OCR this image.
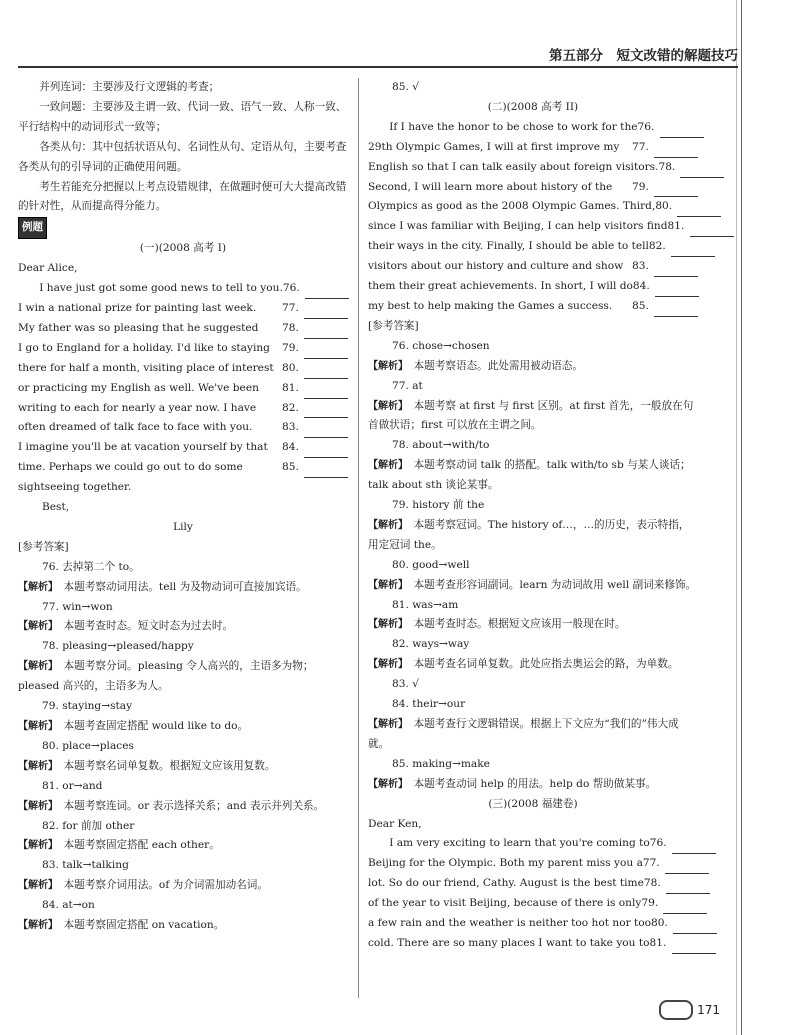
第五部分　短文改错的解题技巧

并列连词：主要涉及行文逻辑的考查；

一致问题：主要涉及主谓一致、代词一致、语气一致、人称一致、平行结构中的动词形式一致等；

各类从句：其中包括状语从句、名词性从句、定语从句，主要考查各类从句的引导词的正确使用问题。

考生若能充分把握以上考点设错规律，在做题时便可大大提高改错的针对性，从而提高得分能力。

例题

(一)(2008 高考 I)

Dear Alice,

I have just got some good news to tell to you. 76.
I win a national prize for painting last week. 77.
My father was so pleasing that he suggested 78.
I go to England for a holiday. I'd like to staying 79.
there for half a month, visiting place of interest 80.
or practicing my English as well. We've been 81.
writing to each for nearly a year now. I have 82.
often dreamed of talk face to face with you.	83.
I imagine you'll be at vacation yourself by that 84.
time. Perhaps we could go out to do some	85.

sightseeing together.

Best,

Lily

[参考答案]

76. 去掉第二个 to。

【解析】　 本题考察动词用法。tell 为及物动词可直接加宾语。

77. win→won

【解析】　 本题考查时态。短文时态为过去时。

78. pleasing→pleased/happy

【解析】　 本题考察分词。pleasing 令人高兴的，主语多为物；pleased 高兴的，主语多为人。

79. staying→stay

【解析】　 本题考查固定搭配 would like to do。

80. place→places

【解析】　 本题考察名词单复数。根据短文应该用复数。

81. or→and

【解析】　 本题考察连词。or 表示选择关系；and 表示并列关系。

82. for 前加 other

【解析】　 本题考察固定搭配 each other。

83. talk→talking

【解析】　 本题考察介词用法。of 为介词需加动名词。

84. at→on

【解析】　 本题考察固定搭配 on vacation。

85. √

(二)(2008 高考 II)

If I have the honor to be chose to work for the 76.
29th Olympic Games, I will at first improve my 77.
English so that I can talk easily about foreign visitors. 78.
Second, I will learn more about history of the 79.
Olympics as good as the 2008 Olympic Games. Third, 80.
since I was familiar with Beijing, I can help visitors find 81.
their ways in the city. Finally, I should be able to tell 82.
visitors about our history and culture and show 83.
them their great achievements. In short, I will do 84.
my best to help making the Games a success. 85.

[参考答案]

76. chose→chosen

【解析】　 本题考察语态。此处需用被动语态。

77. at

【解析】　 本题考察 at first 与 first 区别。at first 首先，一般放在句首做状语；first 可以放在主谓之间。

78. about→with/to

【解析】　 本题考察动词 talk 的搭配。talk with/to sb 与某人谈话；talk about sth 谈论某事。

79. history 前 the

【解析】　 本题考察冠词。The history of…，…的历史，表示特指，用定冠词 the。

80. good→well

【解析】　 本题考查形容词副词。learn 为动词故用 well 副词来修饰。

81. was→am

【解析】　 本题考查时态。根据短文应该用一般现在时。

82. ways→way

【解析】　 本题考查名词单复数。此处应指去奥运会的路，为单数。

83. √

84. their→our

【解析】　 本题考查行文逻辑错误。根据上下文应为“我们的”伟大成就。

85. making→make

【解析】　 本题考查动词 help 的用法。help do 帮助做某事。

(三)(2008 福建卷)

Dear Ken,

I am very exciting to learn that you're coming to 76.
Beijing for the Olympic. Both my parent miss you a 77.
lot. So do our friend, Cathy. August is the best time 78.
of the year to visit Beijing, because of there is only 79.
a few rain and the weather is neither too hot nor too 80.
cold. There are so many places I want to take you to 81.
171
